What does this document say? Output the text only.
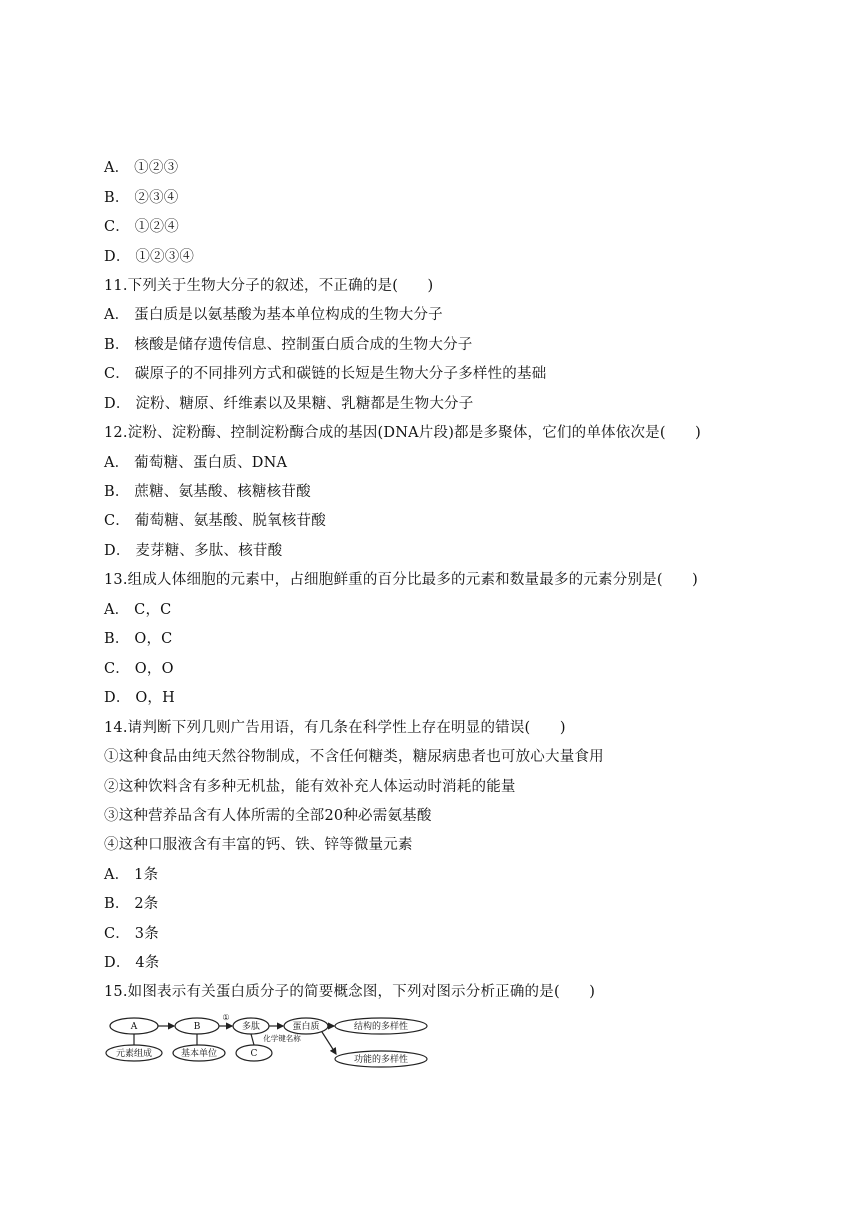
A． ①②③
B． ②③④
C． ①②④
D． ①②③④
11.下列关于生物大分子的叙述，不正确的是(　　)
A． 蛋白质是以氨基酸为基本单位构成的生物大分子
B． 核酸是储存遗传信息、控制蛋白质合成的生物大分子
C． 碳原子的不同排列方式和碳链的长短是生物大分子多样性的基础
D． 淀粉、糖原、纤维素以及果糖、乳糖都是生物大分子
12.淀粉、淀粉酶、控制淀粉酶合成的基因(DNA片段)都是多聚体，它们的单体依次是(　　)
A． 葡萄糖、蛋白质、DNA
B． 蔗糖、氨基酸、核糖核苷酸
C． 葡萄糖、氨基酸、脱氧核苷酸
D． 麦芽糖、多肽、核苷酸
13.组成人体细胞的元素中，占细胞鲜重的百分比最多的元素和数量最多的元素分别是(　　)
A． C，C
B． O，C
C． O，O
D． O，H
14.请判断下列几则广告用语，有几条在科学性上存在明显的错误(　　)
①这种食品由纯天然谷物制成，不含任何糖类，糖尿病患者也可放心大量食用
②这种饮料含有多种无机盐，能有效补充人体运动时消耗的能量
③这种营养品含有人体所需的全部20种必需氨基酸
④这种口服液含有丰富的钙、铁、锌等微量元素
A． 1条
B． 2条
C． 3条
D． 4条
15.如图表示有关蛋白质分子的简要概念图，下列对图示分析正确的是(　　)
A	B
①
多肽	蛋白质	结构的多样性
元素组成	基本单位
化学键名称
C
功能的多样性
